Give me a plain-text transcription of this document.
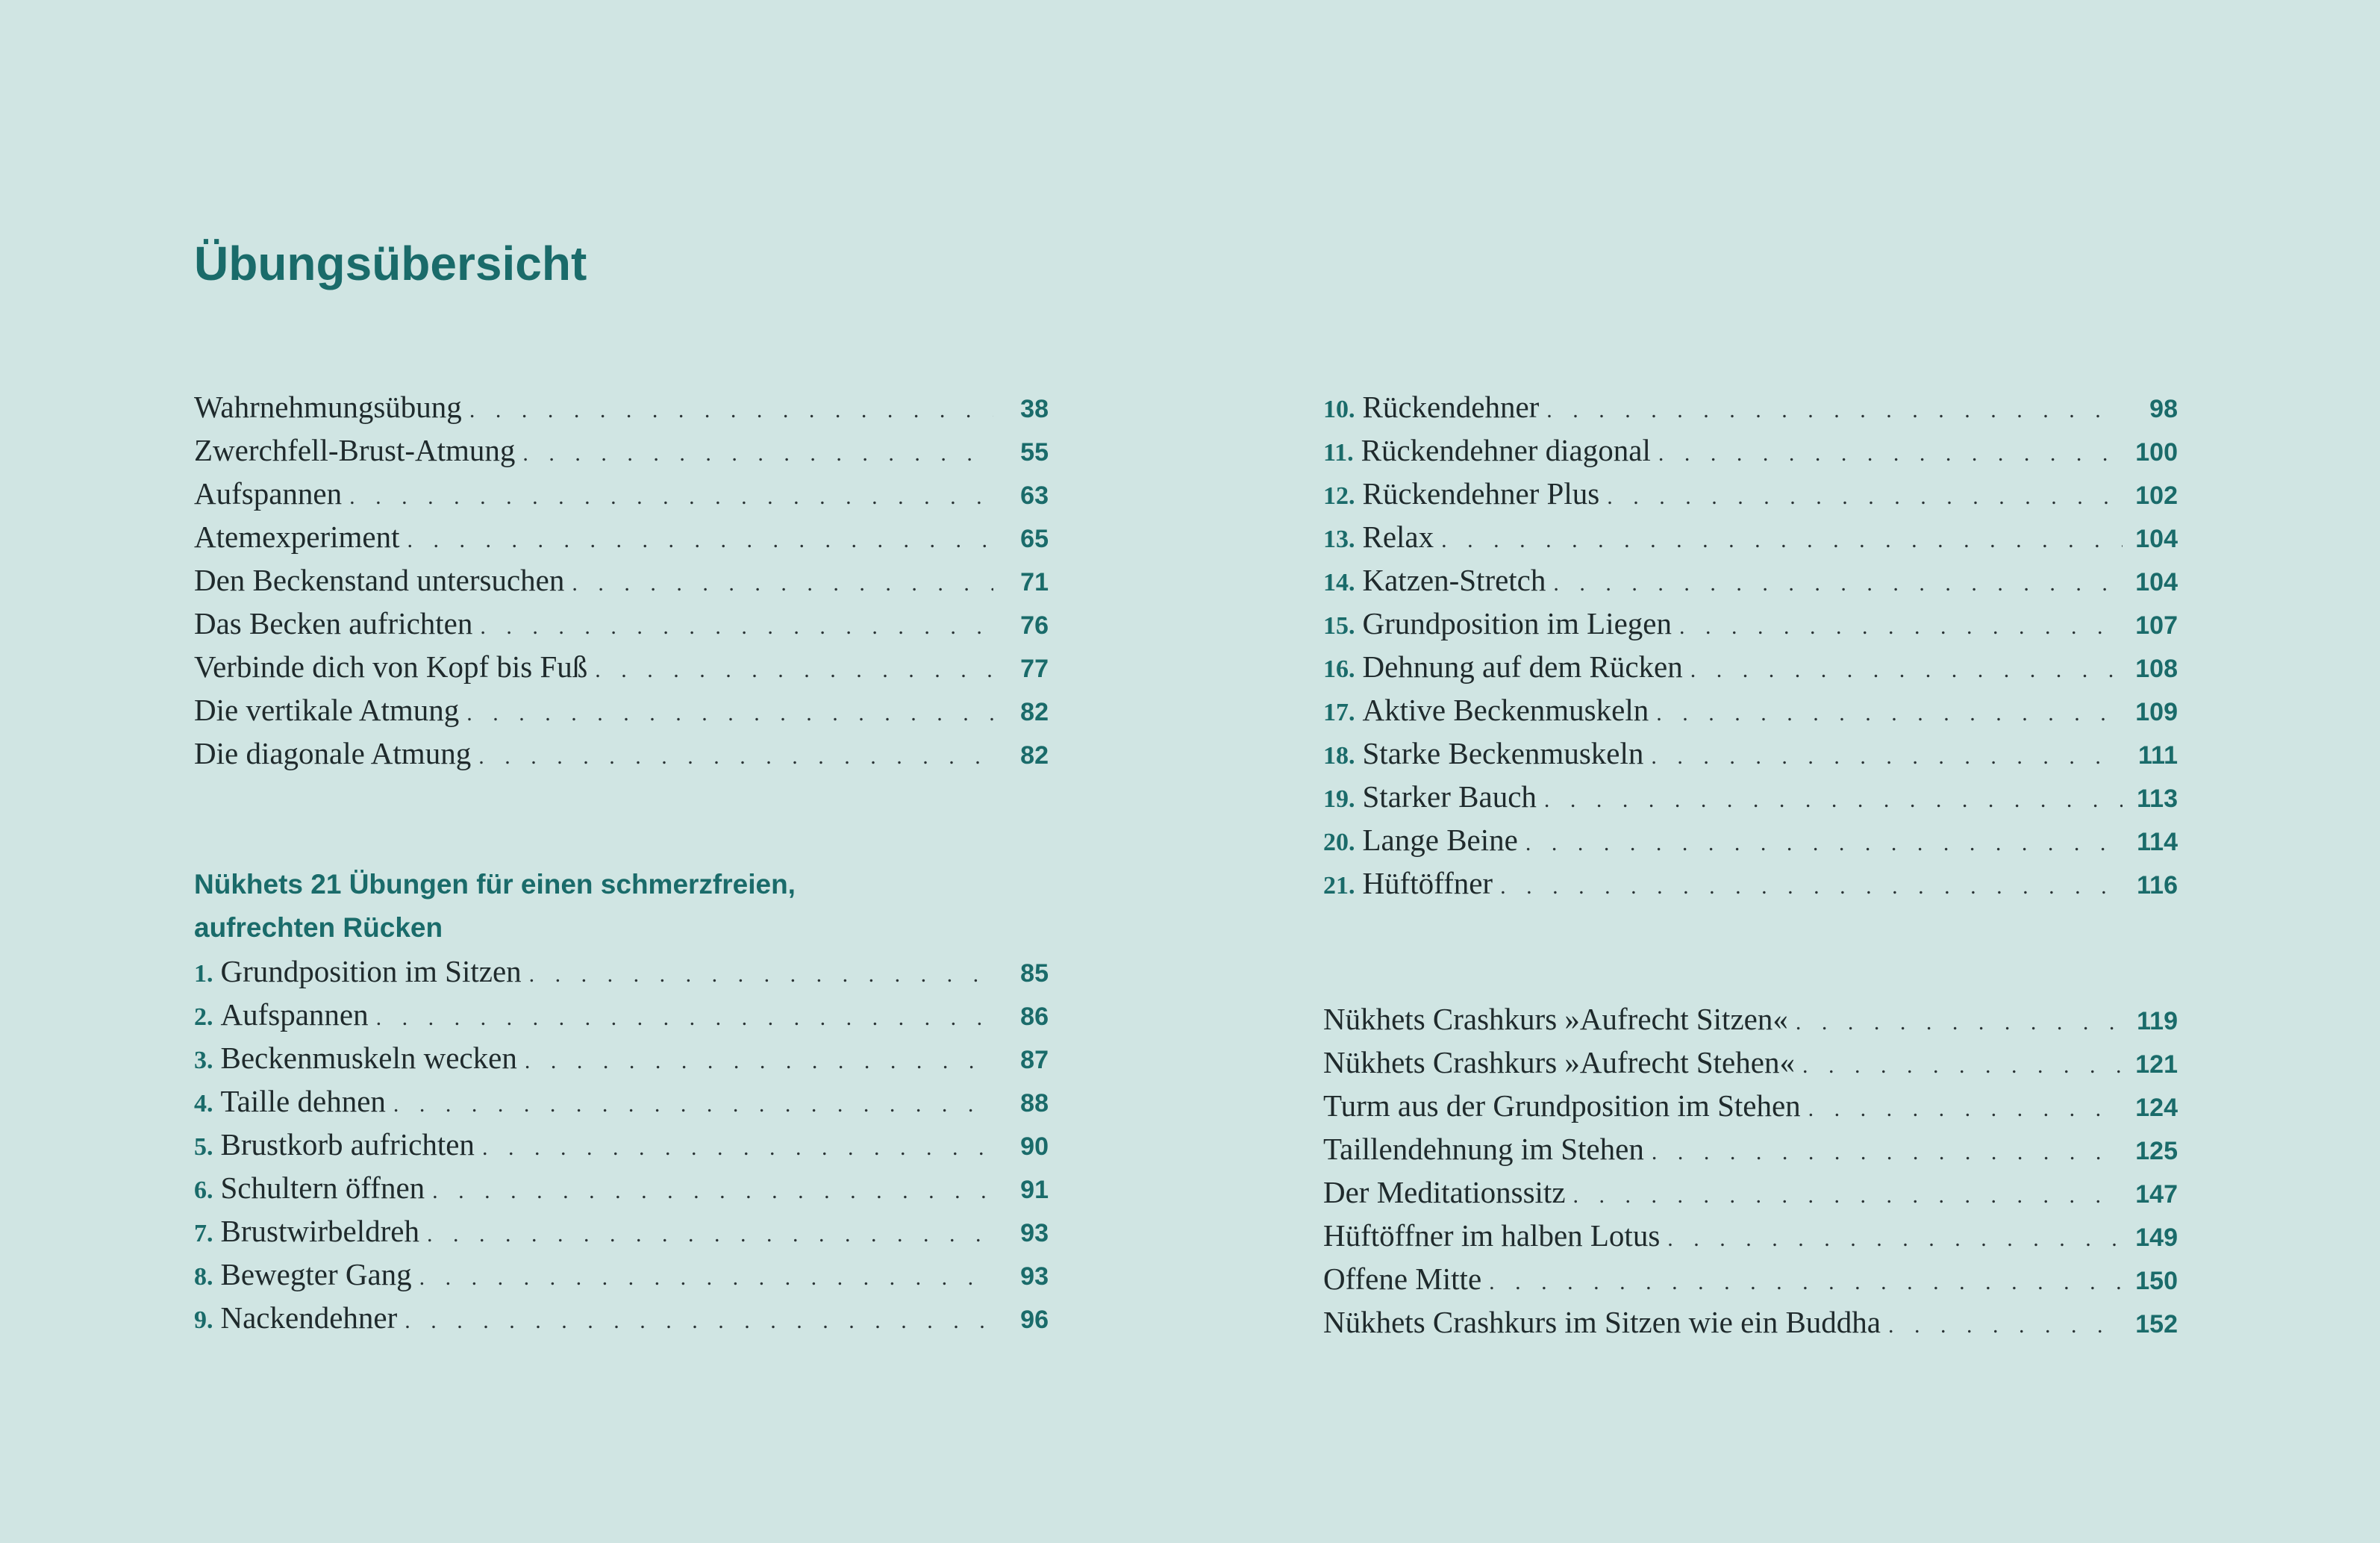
Übungsübersicht
Wahrnehmungsübung . . .	38
Zwerchfell-Brust-Atmung . . .	55
Aufspannen . . .	63
Atemexperiment . . .	65
Den Beckenstand untersuchen . . .	71
Das Becken aufrichten . . .	76
Verbinde dich von Kopf bis Fuß . . .	77
Die vertikale Atmung . . .	82
Die diagonale Atmung . . .	82
Nükhets 21 Übungen für einen schmerzfreien,
aufrechten Rücken
1. Grundposition im Sitzen . . .	85
2. Aufspannen . . .	86
3. Beckenmuskeln wecken . . .	87
4. Taille dehnen . . .	88
5. Brustkorb aufrichten . . .	90
6. Schultern öffnen . . .	91
7. Brustwirbeldreh . . .	93
8. Bewegter Gang . . .	93
9. Nackendehner . . .	96
10. Rückendehner . . .	98
11. Rückendehner diagonal . . .	100
12. Rückendehner Plus . . .	102
13. Relax . . .	104
14. Katzen-Stretch . . .	104
15. Grundposition im Liegen . . .	107
16. Dehnung auf dem Rücken . . .	108
17. Aktive Beckenmuskeln . . .	109
18. Starke Beckenmuskeln . . .	111
19. Starker Bauch . . .	113
20. Lange Beine . . .	114
21. Hüftöffner . . .	116
Nükhets Crashkurs »Aufrecht Sitzen« . . .	119
Nükhets Crashkurs »Aufrecht Stehen« . . .	121
Turm aus der Grundposition im Stehen . . .	124
Taillendehnung im Stehen . . .	125
Der Meditationssitz . . .	147
Hüftöffner im halben Lotus . . .	149
Offene Mitte . . .	150
Nükhets Crashkurs im Sitzen wie ein Buddha . . .	152
